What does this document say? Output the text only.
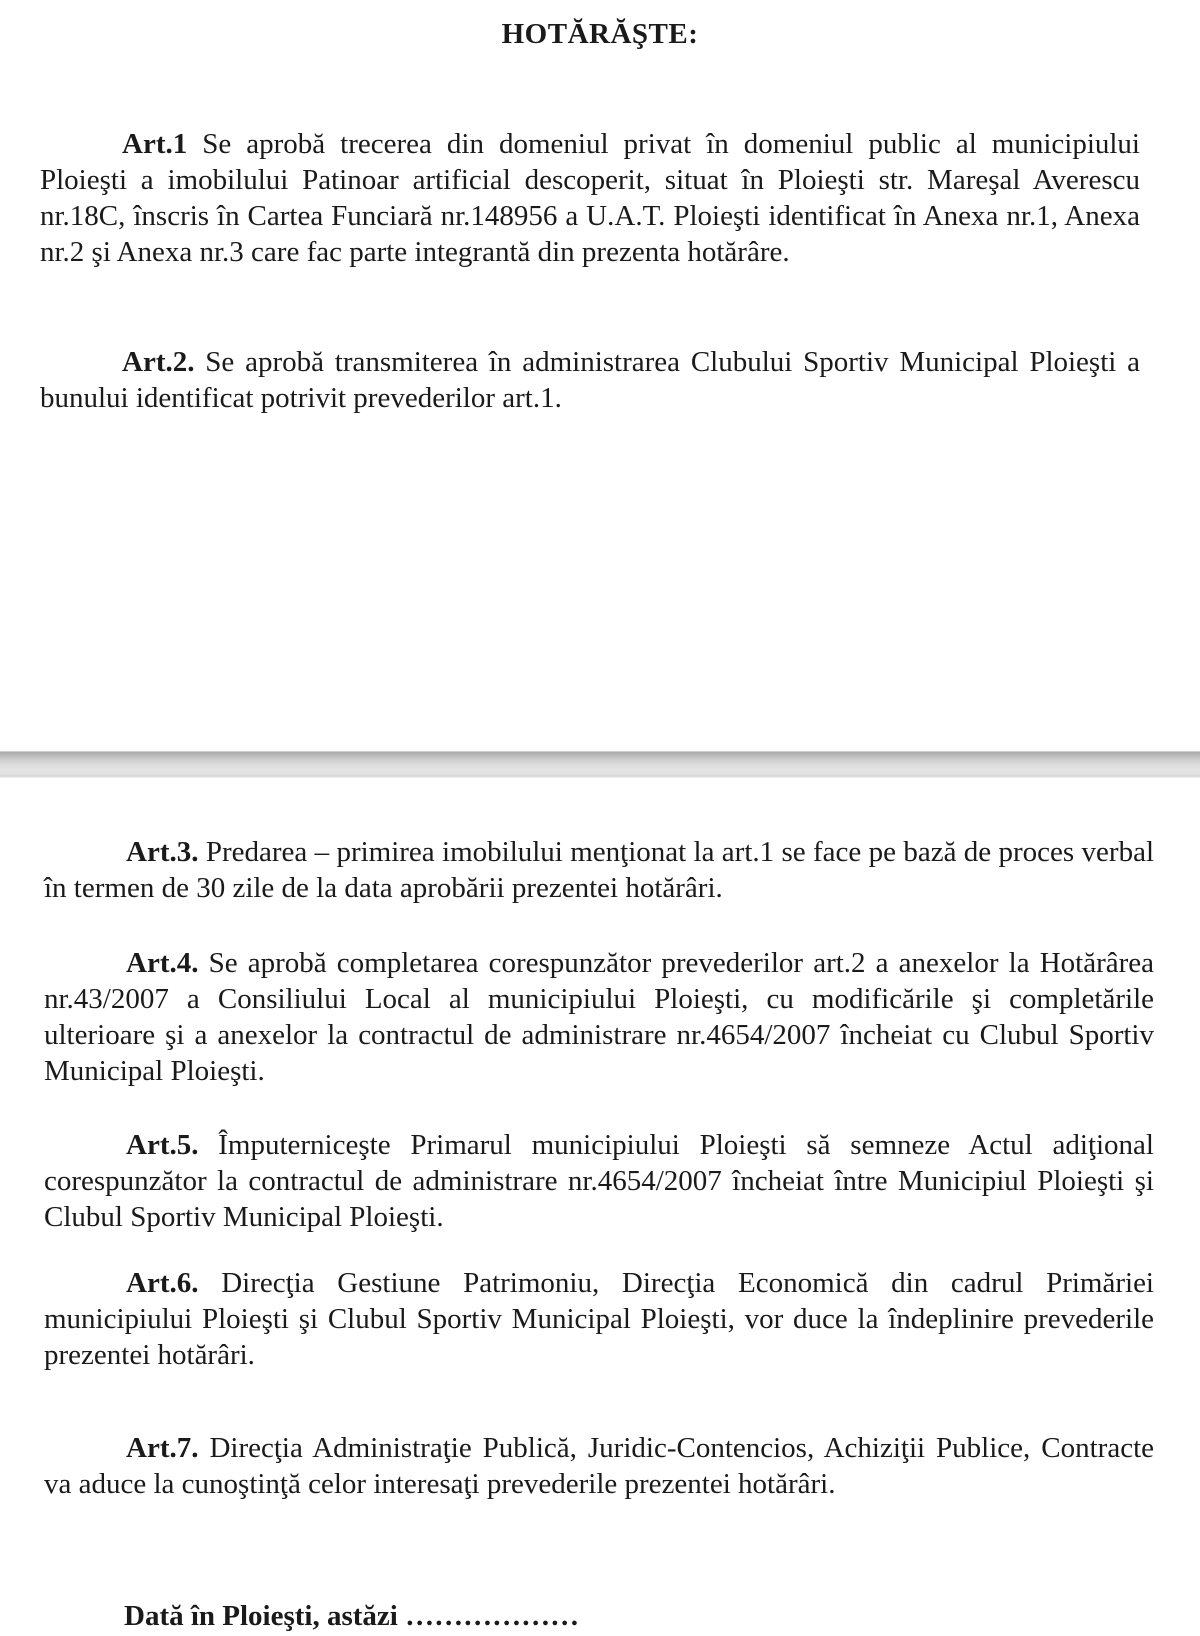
HOTĂRĂŞTE:
Art.1 Se aprobă trecerea din domeniul privat în domeniul public al municipiului Ploieşti a imobilului Patinoar artificial descoperit, situat în Ploieşti str. Mareşal Averescu nr.18C, înscris în Cartea Funciară nr.148956 a U.A.T. Ploieşti identificat în Anexa nr.1, Anexa nr.2 şi Anexa nr.3 care fac parte integrantă din prezenta hotărâre.
Art.2. Se aprobă transmiterea în administrarea Clubului Sportiv Municipal Ploieşti a bunului identificat potrivit prevederilor art.1.
Art.3. Predarea – primirea imobilului menţionat la art.1 se face pe bază de proces verbal în termen de 30 zile de la data aprobării prezentei hotărâri.
Art.4. Se aprobă completarea corespunzător prevederilor art.2 a anexelor la Hotărârea nr.43/2007 a Consiliului Local al municipiului Ploieşti, cu modificările şi completările ulterioare şi a anexelor la contractul de administrare nr.4654/2007 încheiat cu Clubul Sportiv Municipal Ploieşti.
Art.5. Împuterniceşte Primarul municipiului Ploieşti să semneze Actul adiţional corespunzător la contractul de administrare nr.4654/2007 încheiat între Municipiul Ploieşti şi Clubul Sportiv Municipal Ploieşti.
Art.6. Direcţia Gestiune Patrimoniu, Direcţia Economică din cadrul Primăriei municipiului Ploieşti şi Clubul Sportiv Municipal Ploieşti, vor duce la îndeplinire prevederile prezentei hotărâri.
Art.7. Direcţia Administraţie Publică, Juridic-Contencios, Achiziţii Publice, Contracte va aduce la cunoştinţă celor interesaţi prevederile prezentei hotărâri.
Dată în Ploieşti, astăzi ………………
